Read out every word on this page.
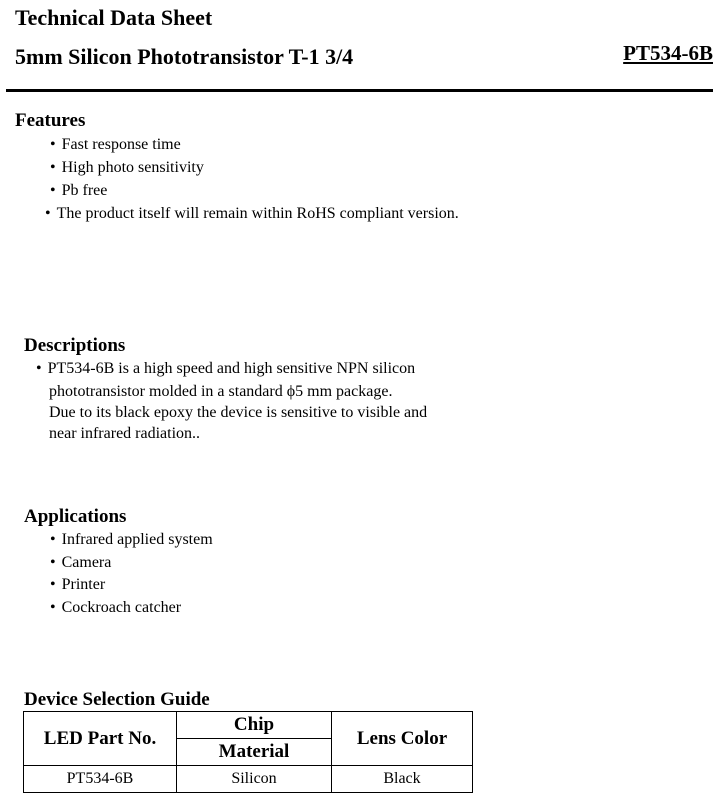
Technical Data Sheet
5mm Silicon Phototransistor T-1 3/4	PT534-6B
Features
• Fast response time
• High photo sensitivity
• Pb free
• The product itself will remain within RoHS compliant version.
Descriptions
• PT534-6B is a high speed and high sensitive NPN silicon
phototransistor molded in a standard ϕ5 mm package.
Due to its black epoxy the device is sensitive to visible and
near infrared radiation..
Applications
• Infrared applied system
• Camera
• Printer
• Cockroach catcher
Device Selection Guide
LED Part No.	Chip	Lens Color
	Material	
PT534-6B	Silicon	Black
